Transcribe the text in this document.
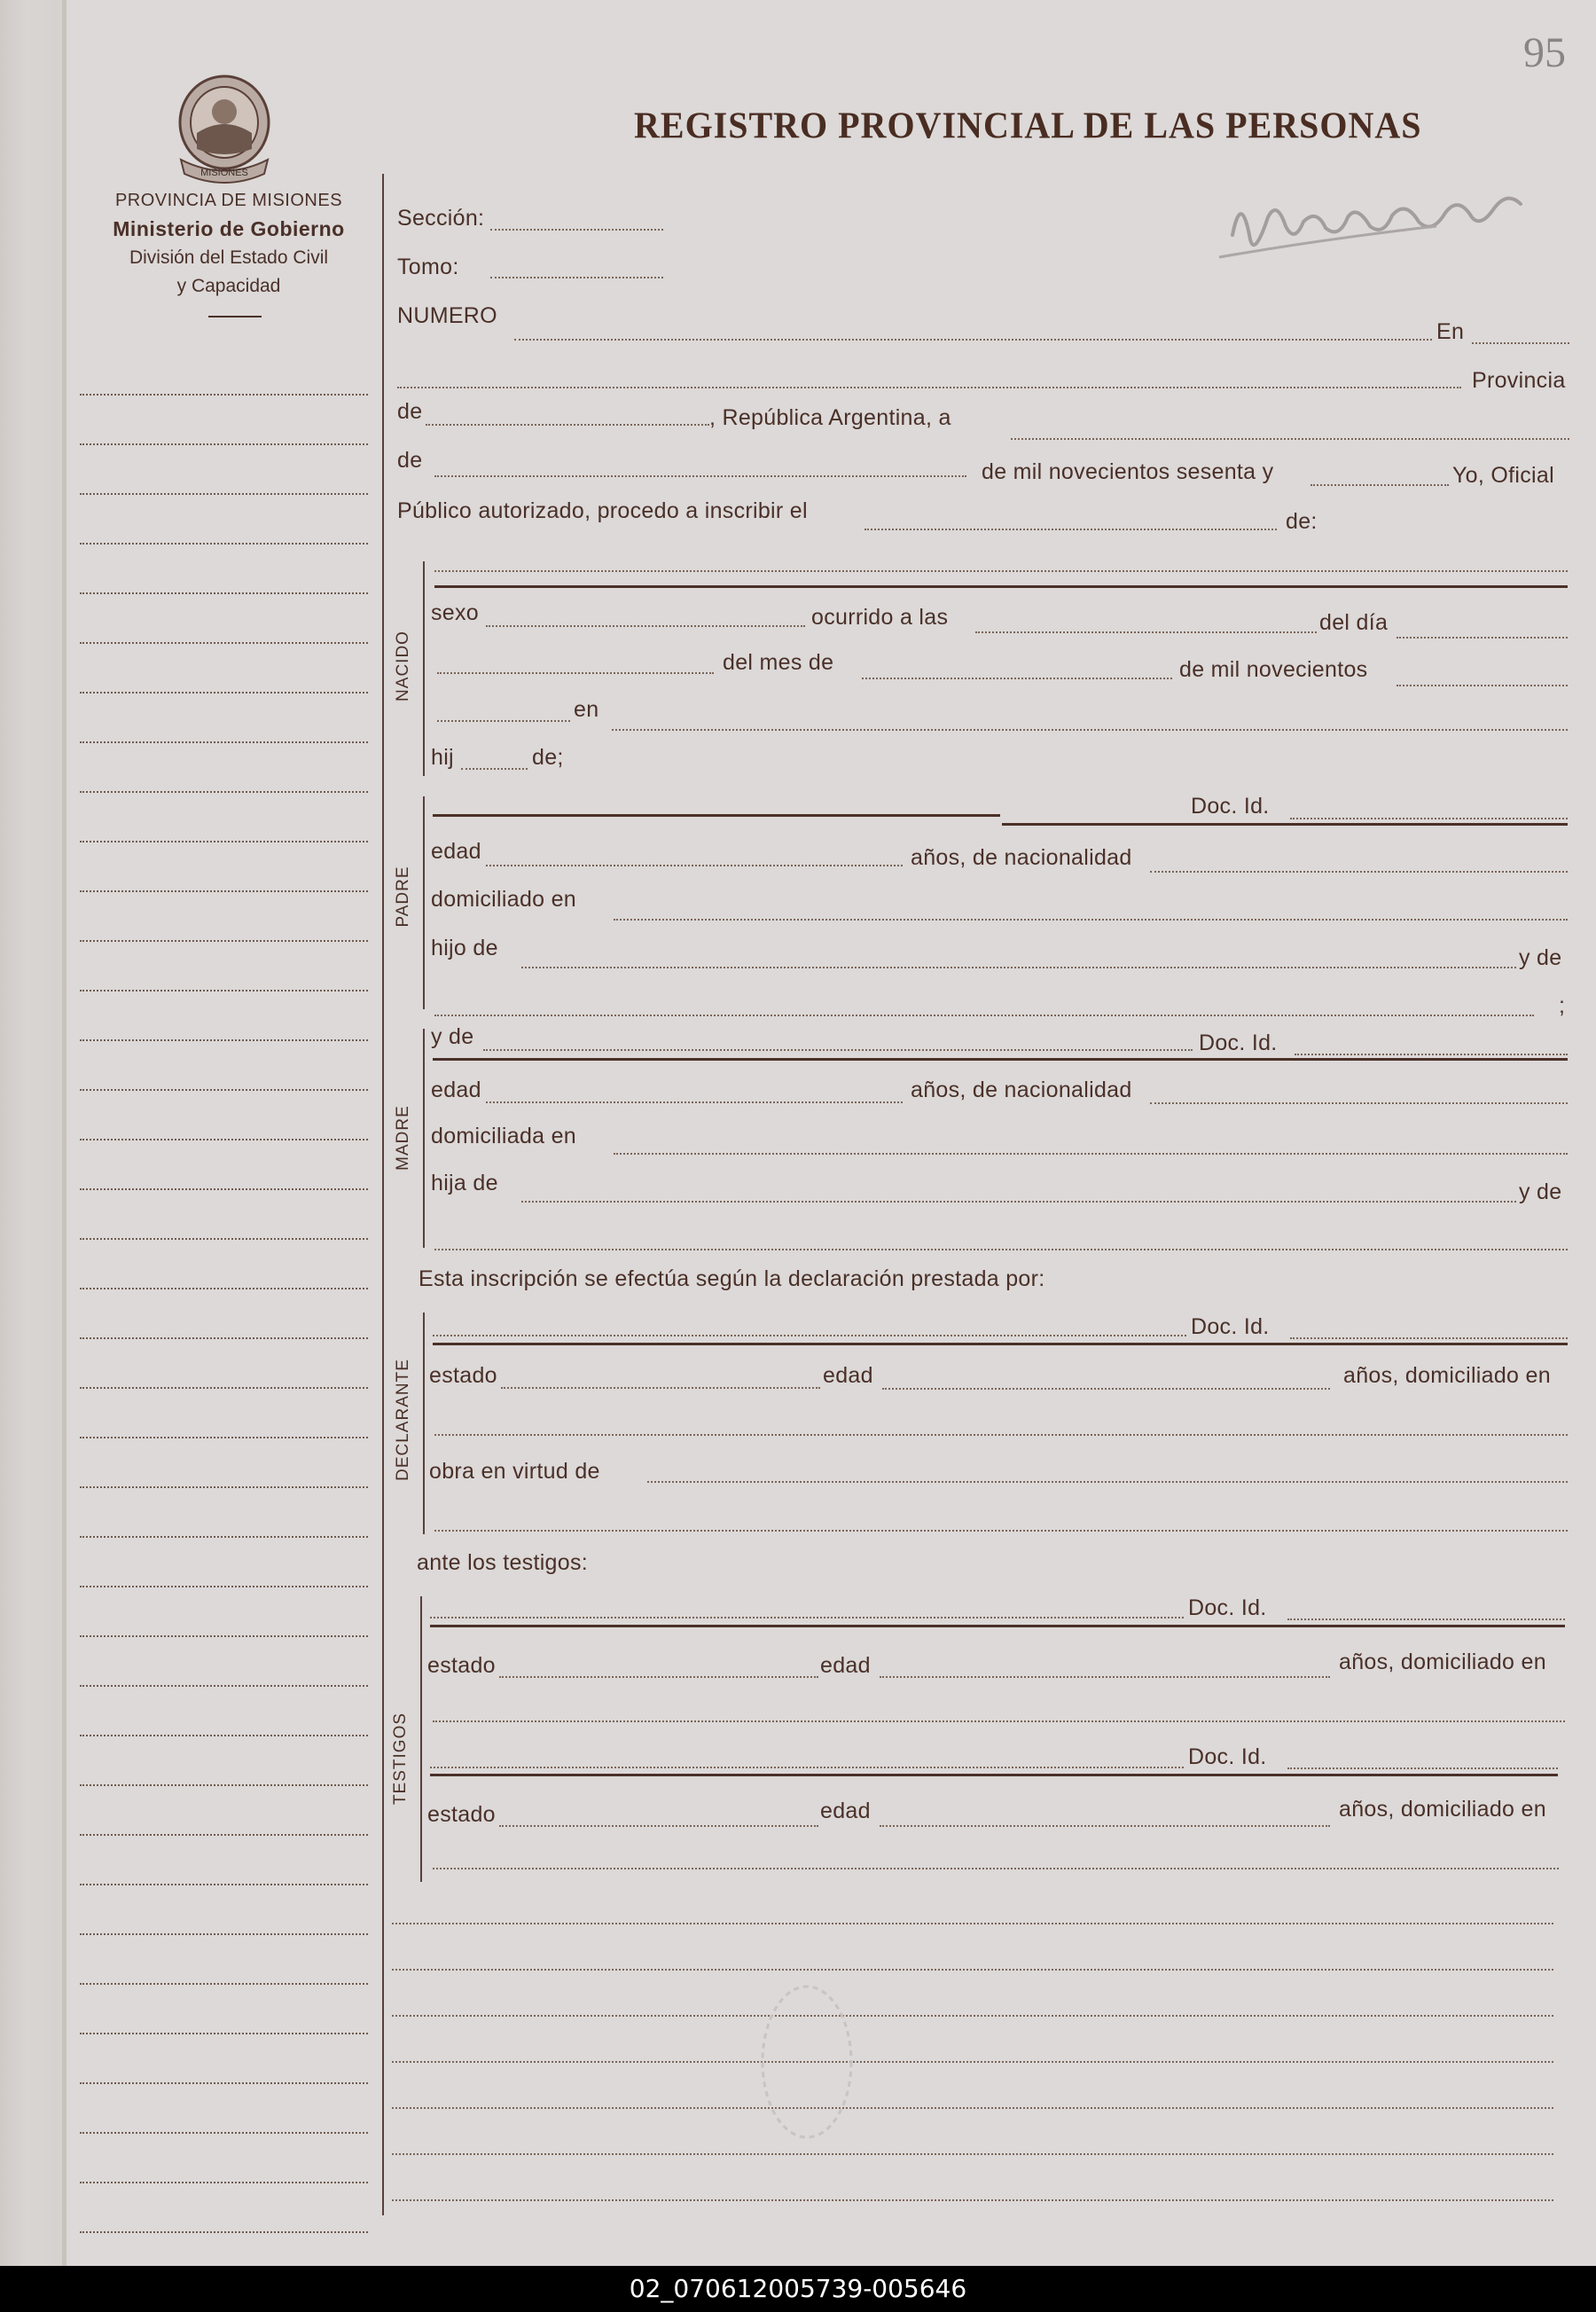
95
MISIONES
PROVINCIA DE MISIONES
Ministerio de Gobierno
División del Estado Civil
y Capacidad
REGISTRO PROVINCIAL DE LAS PERSONAS
Sección:
Tomo:
NUMERO
En
Provincia
de	, República Argentina, a
de	de mil novecientos sesenta y	Yo, Oficial
Público autorizado, procedo a inscribir el	de:
NACIDO
sexo	ocurrido a las	del día
del mes de	de mil novecientos
en
hij	de;
PADRE
Doc. Id.
edad	años, de nacionalidad
domiciliado en
hijo de	y de
;
MADRE
y de	Doc. Id.
edad	años, de nacionalidad
domiciliada en
hija de	y de
Esta inscripción se efectúa según la declaración prestada por:
DECLARANTE
Doc. Id.
estado	edad	años, domiciliado en
obra en virtud de
ante los testigos:
TESTIGOS
Doc. Id.
estado	edad	años, domiciliado en
Doc. Id.
estado	edad	años, domiciliado en
02_070612005739-005646
